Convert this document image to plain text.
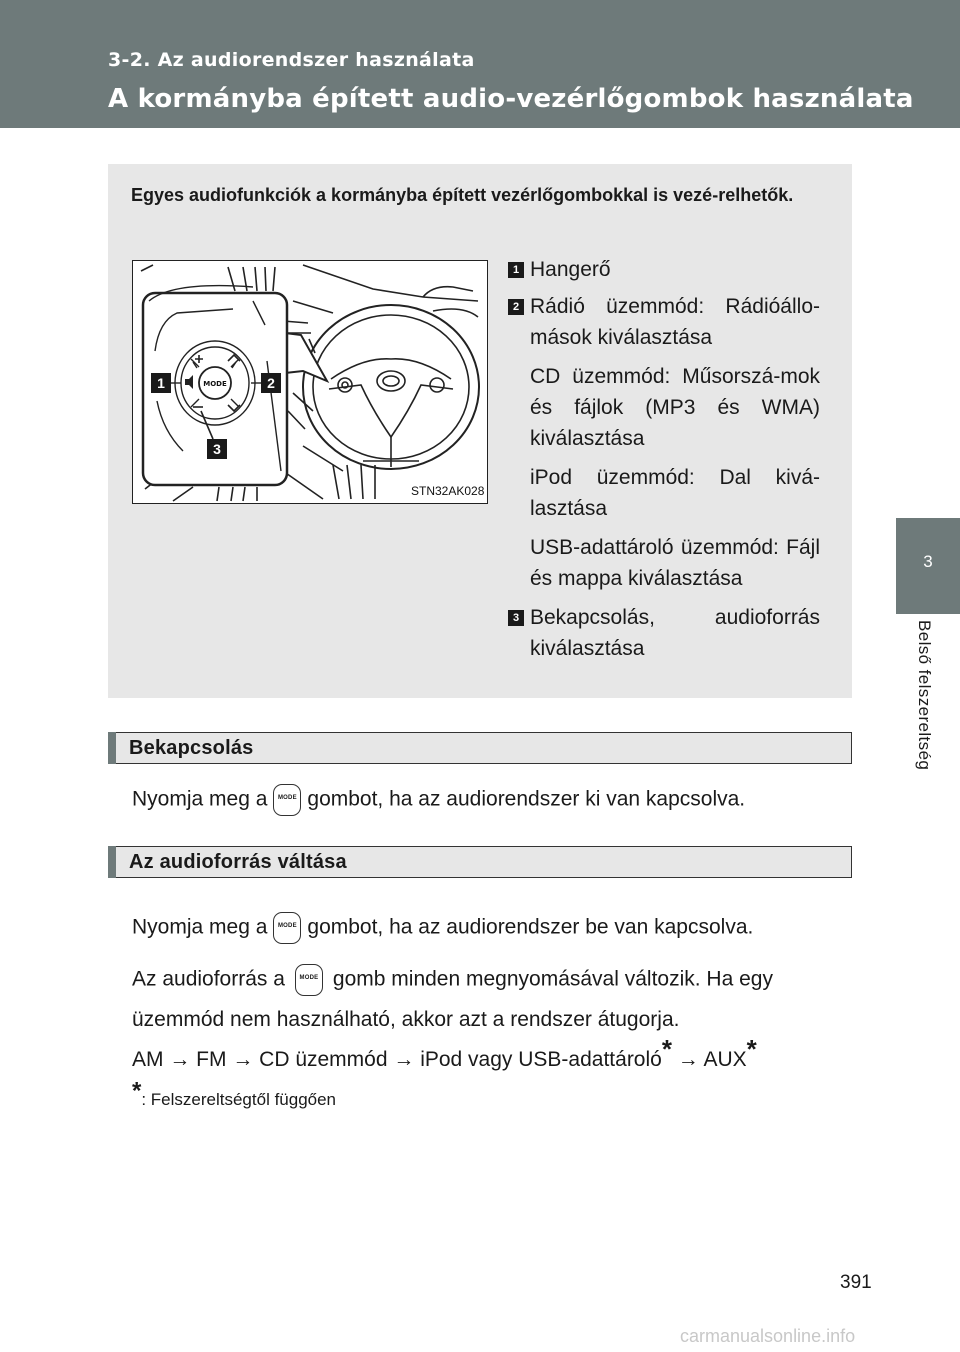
3-2. Az audiorendszer használata
A kormányba épített audio-vezérlőgombok használata
3
Belső felszereltség
Egyes audiofunkciók a kormányba épített vezérlőgombokkal is vezé-relhetők.
MODE
1	2
3
STN32AK028
1 Hangerő
2 Rádió üzemmód: Rádióállo-mások kiválasztása
CD üzemmód: Műsorszá-mok és fájlok (MP3 és WMA) kiválasztása
iPod üzemmód: Dal kivá-lasztása
USB-adattároló üzemmód: Fájl és mappa kiválasztása
3 Bekapcsolás, audioforrás kiválasztása
Bekapcsolás
Nyomja meg a	MODE gombot, ha az audiorendszer ki van kapcsolva.
Az audioforrás váltása
Nyomja meg a	MODE gombot, ha az audiorendszer be van kapcsolva.
Az audioforrás a	MODE gomb minden megnyomásával változik. Ha egy
üzemmód nem használható, akkor azt a rendszer átugorja.
AM → FM → CD üzemmód → iPod vagy USB-adattároló* → AUX*
*: Felszereltségtől függően
391
carmanualsonline.info
